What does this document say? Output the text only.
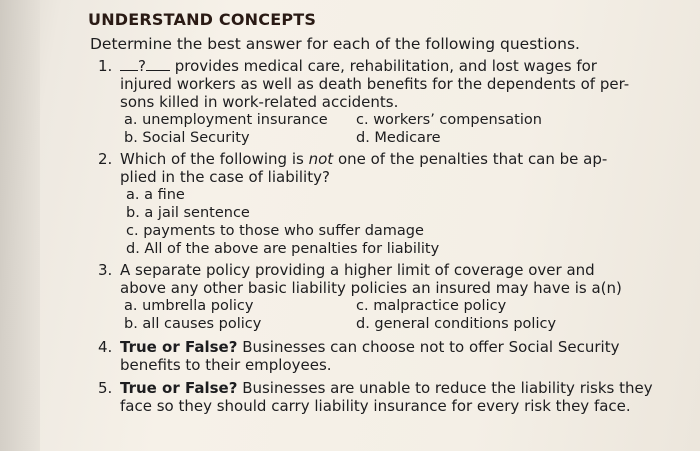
UNDERSTAND CONCEPTS
Determine the best answer for each of the following questions.
1. ? provides medical care, rehabilitation, and lost wages for
injured workers as well as death benefits for the dependents of per-
sons killed in work-related accidents.
a. unemployment insurance	c. workers’ compensation
b. Social Security	d. Medicare
2. Which of the following is not one of the penalties that can be ap-
plied in the case of liability?
a. a fine
b. a jail sentence
c. payments to those who suffer damage
d. All of the above are penalties for liability
3. A separate policy providing a higher limit of coverage over and
above any other basic liability policies an insured may have is a(n)
a. umbrella policy	c. malpractice policy
b. all causes policy	d. general conditions policy
4. True or False? Businesses can choose not to offer Social Security
benefits to their employees.
5. True or False? Businesses are unable to reduce the liability risks they
face so they should carry liability insurance for every risk they face.
